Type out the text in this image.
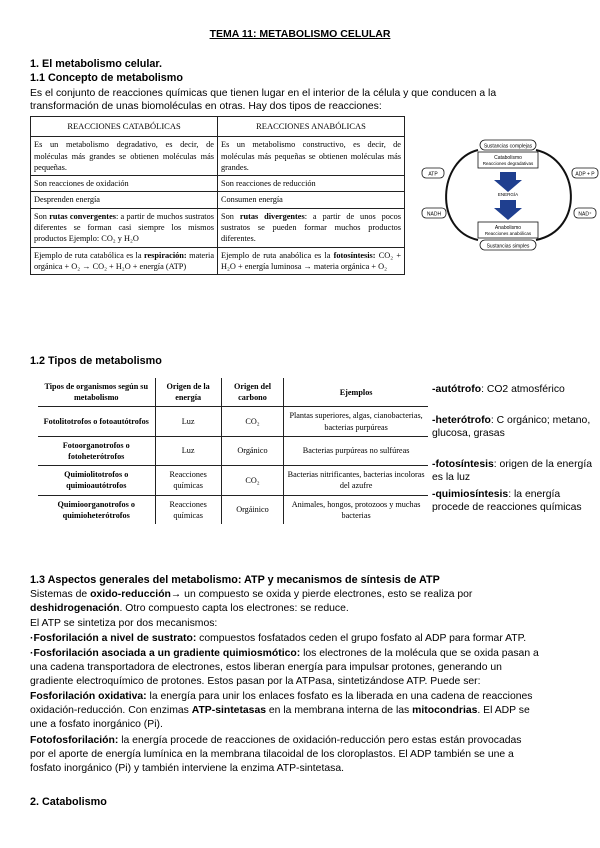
TEMA 11: METABOLISMO CELULAR
1. El metabolismo celular.
1.1 Concepto de metabolismo
Es el conjunto de reacciones químicas que tienen lugar en el interior de la célula y que conducen a la
transformación de unas biomoléculas en otras. Hay dos tipos de reacciones:
REACCIONES CATABÓLICAS	REACCIONES ANABÓLICAS
Es un metabolismo degradativo, es decir, de moléculas más grandes se obtienen moléculas más pequeñas.	Es un metabolismo constructivo, es decir, de moléculas más pequeñas se obtienen moléculas más grandes.
Son reacciones de oxidación	Son reacciones de reducción
Desprenden energía	Consumen energía
Son rutas convergentes: a partir de muchos sustratos diferentes se forman casi siempre los mismos productos Ejemplo: CO₂ y H₂O	Son rutas divergentes: a partir de unos pocos sustratos se pueden formar muchos productos diferentes.
Ejemplo de ruta catabólica es la respiración: materia orgánica + O₂ → CO₂ + H₂O + energía (ATP)	Ejemplo de ruta anabólica es la fotosíntesis: CO₂ + H₂O + energía luminosa → materia orgánica + O₂
Sustancias complejas
Catabolismo
Reacciones degradativas
ENERGÍA
Anabolismo
Reacciones anabólicas
Sustancias simples
ATP	ADP + P
NADH	NAD⁺
1.2 Tipos de metabolismo
Tipos de organismos según su metabolismo	Origen de la energía	Origen del carbono	Ejemplos
Fotolitotrofos o fotoautótrofos	Luz	CO₂	Plantas superiores, algas, cianobacterias, bacterias purpúreas
Fotoorganotrofos o fotoheterótrofos	Luz	Orgánico	Bacterias purpúreas no sulfúreas
Quimiolitotrofos o quimioautótrofos	Reacciones químicas	CO₂	Bacterias nitrificantes, bacterias incoloras del azufre
Quimioorganotrofos o quimioheterótrofos	Reacciones químicas	Orgáinico	Animales, hongos, protozoos y muchas bacterias
-autótrofo: CO2 atmosférico
-heterótrofo: C orgánico; metano, glucosa, grasas
-fotosíntesis: origen de la energía es la luz
-quimiosíntesis: la energía procede de reacciones químicas
1.3 Aspectos generales del metabolismo: ATP y mecanismos de síntesis de ATP
Sistemas de oxido-reducción→ un compuesto se oxida y pierde electrones, esto se realiza por
deshidrogenación. Otro compuesto capta los electrones: se reduce.
El ATP se sintetiza por dos mecanismos:
·Fosforilación a nivel de sustrato: compuestos fosfatados ceden el grupo fosfato al ADP para formar ATP.
·Fosforilación asociada a un gradiente quimiosmótico: los electrones de la molécula que se oxida pasan a
una cadena transportadora de electrones, estos liberan energía para impulsar protones, generando un
gradiente electroquímico de protones. Estos pasan por la ATPasa, sintetizándose ATP. Puede ser:
Fosforilación oxidativa: la energía para unir los enlaces fosfato es la liberada en una cadena de reacciones
oxidación-reducción. Con enzimas ATP-sintetasas en la membrana interna de las mitocondrias. El ADP se
une a fosfato inorgánico (Pi).
Fotofosforilación: la energía procede de reacciones de oxidación-reducción pero estas están provocadas
por el aporte de energía lumínica en la membrana tilacoidal de los cloroplastos. El ADP también se une a
fosfato inorgánico (Pi) y también interviene la enzima ATP-sintetasa.
2. Catabolismo
